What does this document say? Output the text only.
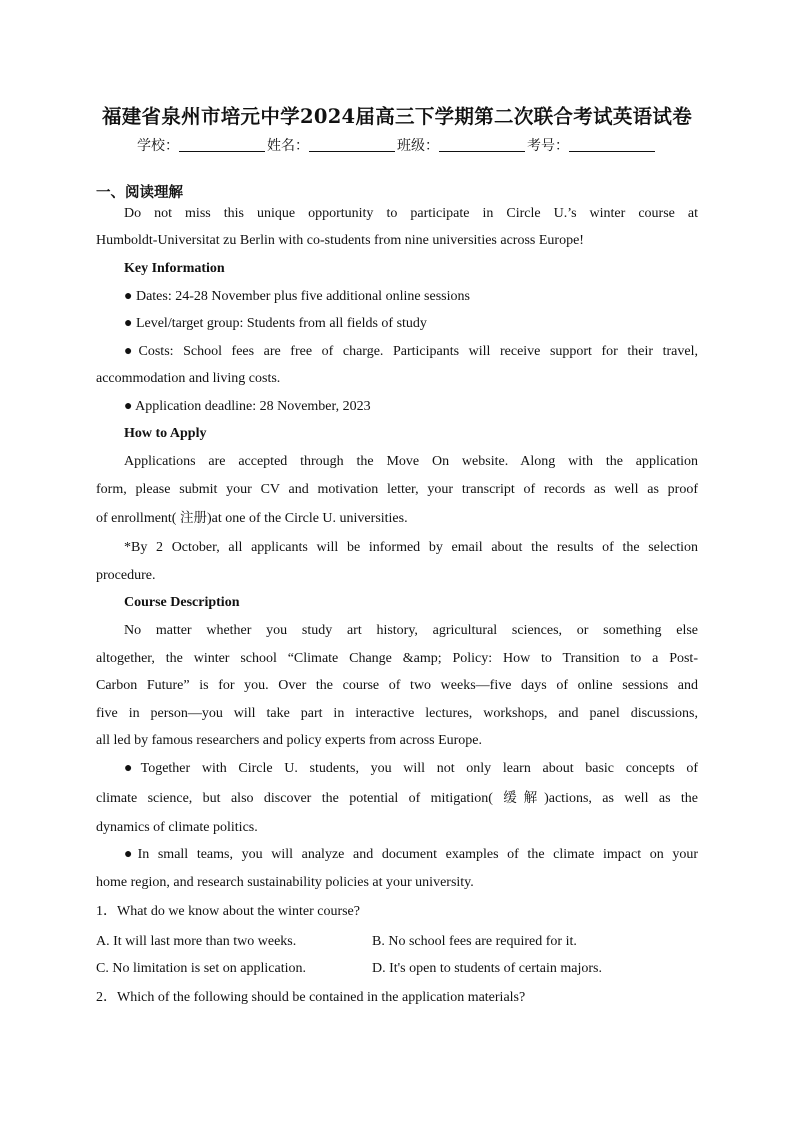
福建省泉州市培元中学2024届高三下学期第二次联合考试英语试卷
学校：	姓名：	班级：	考号：
一、阅读理解
Do not miss this unique opportunity to participate in Circle U.’s winter course at
Humboldt-Universitat zu Berlin with co-students from nine universities across Europe!
Key Information
● Dates: 24-28 November plus five additional online sessions
● Level/target group: Students from all fields of study
●Costs: School fees are free of charge. Participants will receive support for their travel,
accommodation and living costs.
● Application deadline: 28 November, 2023
How to Apply
Applications are accepted through the Move On website. Along with the application
form, please submit your CV and motivation letter, your transcript of records as well as proof
of enrollment( 注册)at one of the Circle U. universities.
*By 2 October, all applicants will be informed by email about the results of the selection
procedure.
Course Description
No matter whether you study art history, agricultural sciences, or something else
altogether, the winter school “Climate Change &amp; Policy: How to Transition to a Post-
Carbon Future” is for you. Over the course of two weeks—five days of online sessions and
five in person—you will take part in interactive lectures, workshops, and panel discussions,
all led by famous researchers and policy experts from across Europe.
●Together with Circle U. students, you will not only learn about basic concepts of
climate science, but also discover the potential of mitigation( 缓解)actions, as well as the
dynamics of climate politics.
●In small teams, you will analyze and document examples of the climate impact on your
home region, and research sustainability policies at your university.
1．What do we know about the winter course?
A. It will last more than two weeks.	B. No school fees are required for it.
C. No limitation is set on application.	D. It's open to students of certain majors.
2．Which of the following should be contained in the application materials?
